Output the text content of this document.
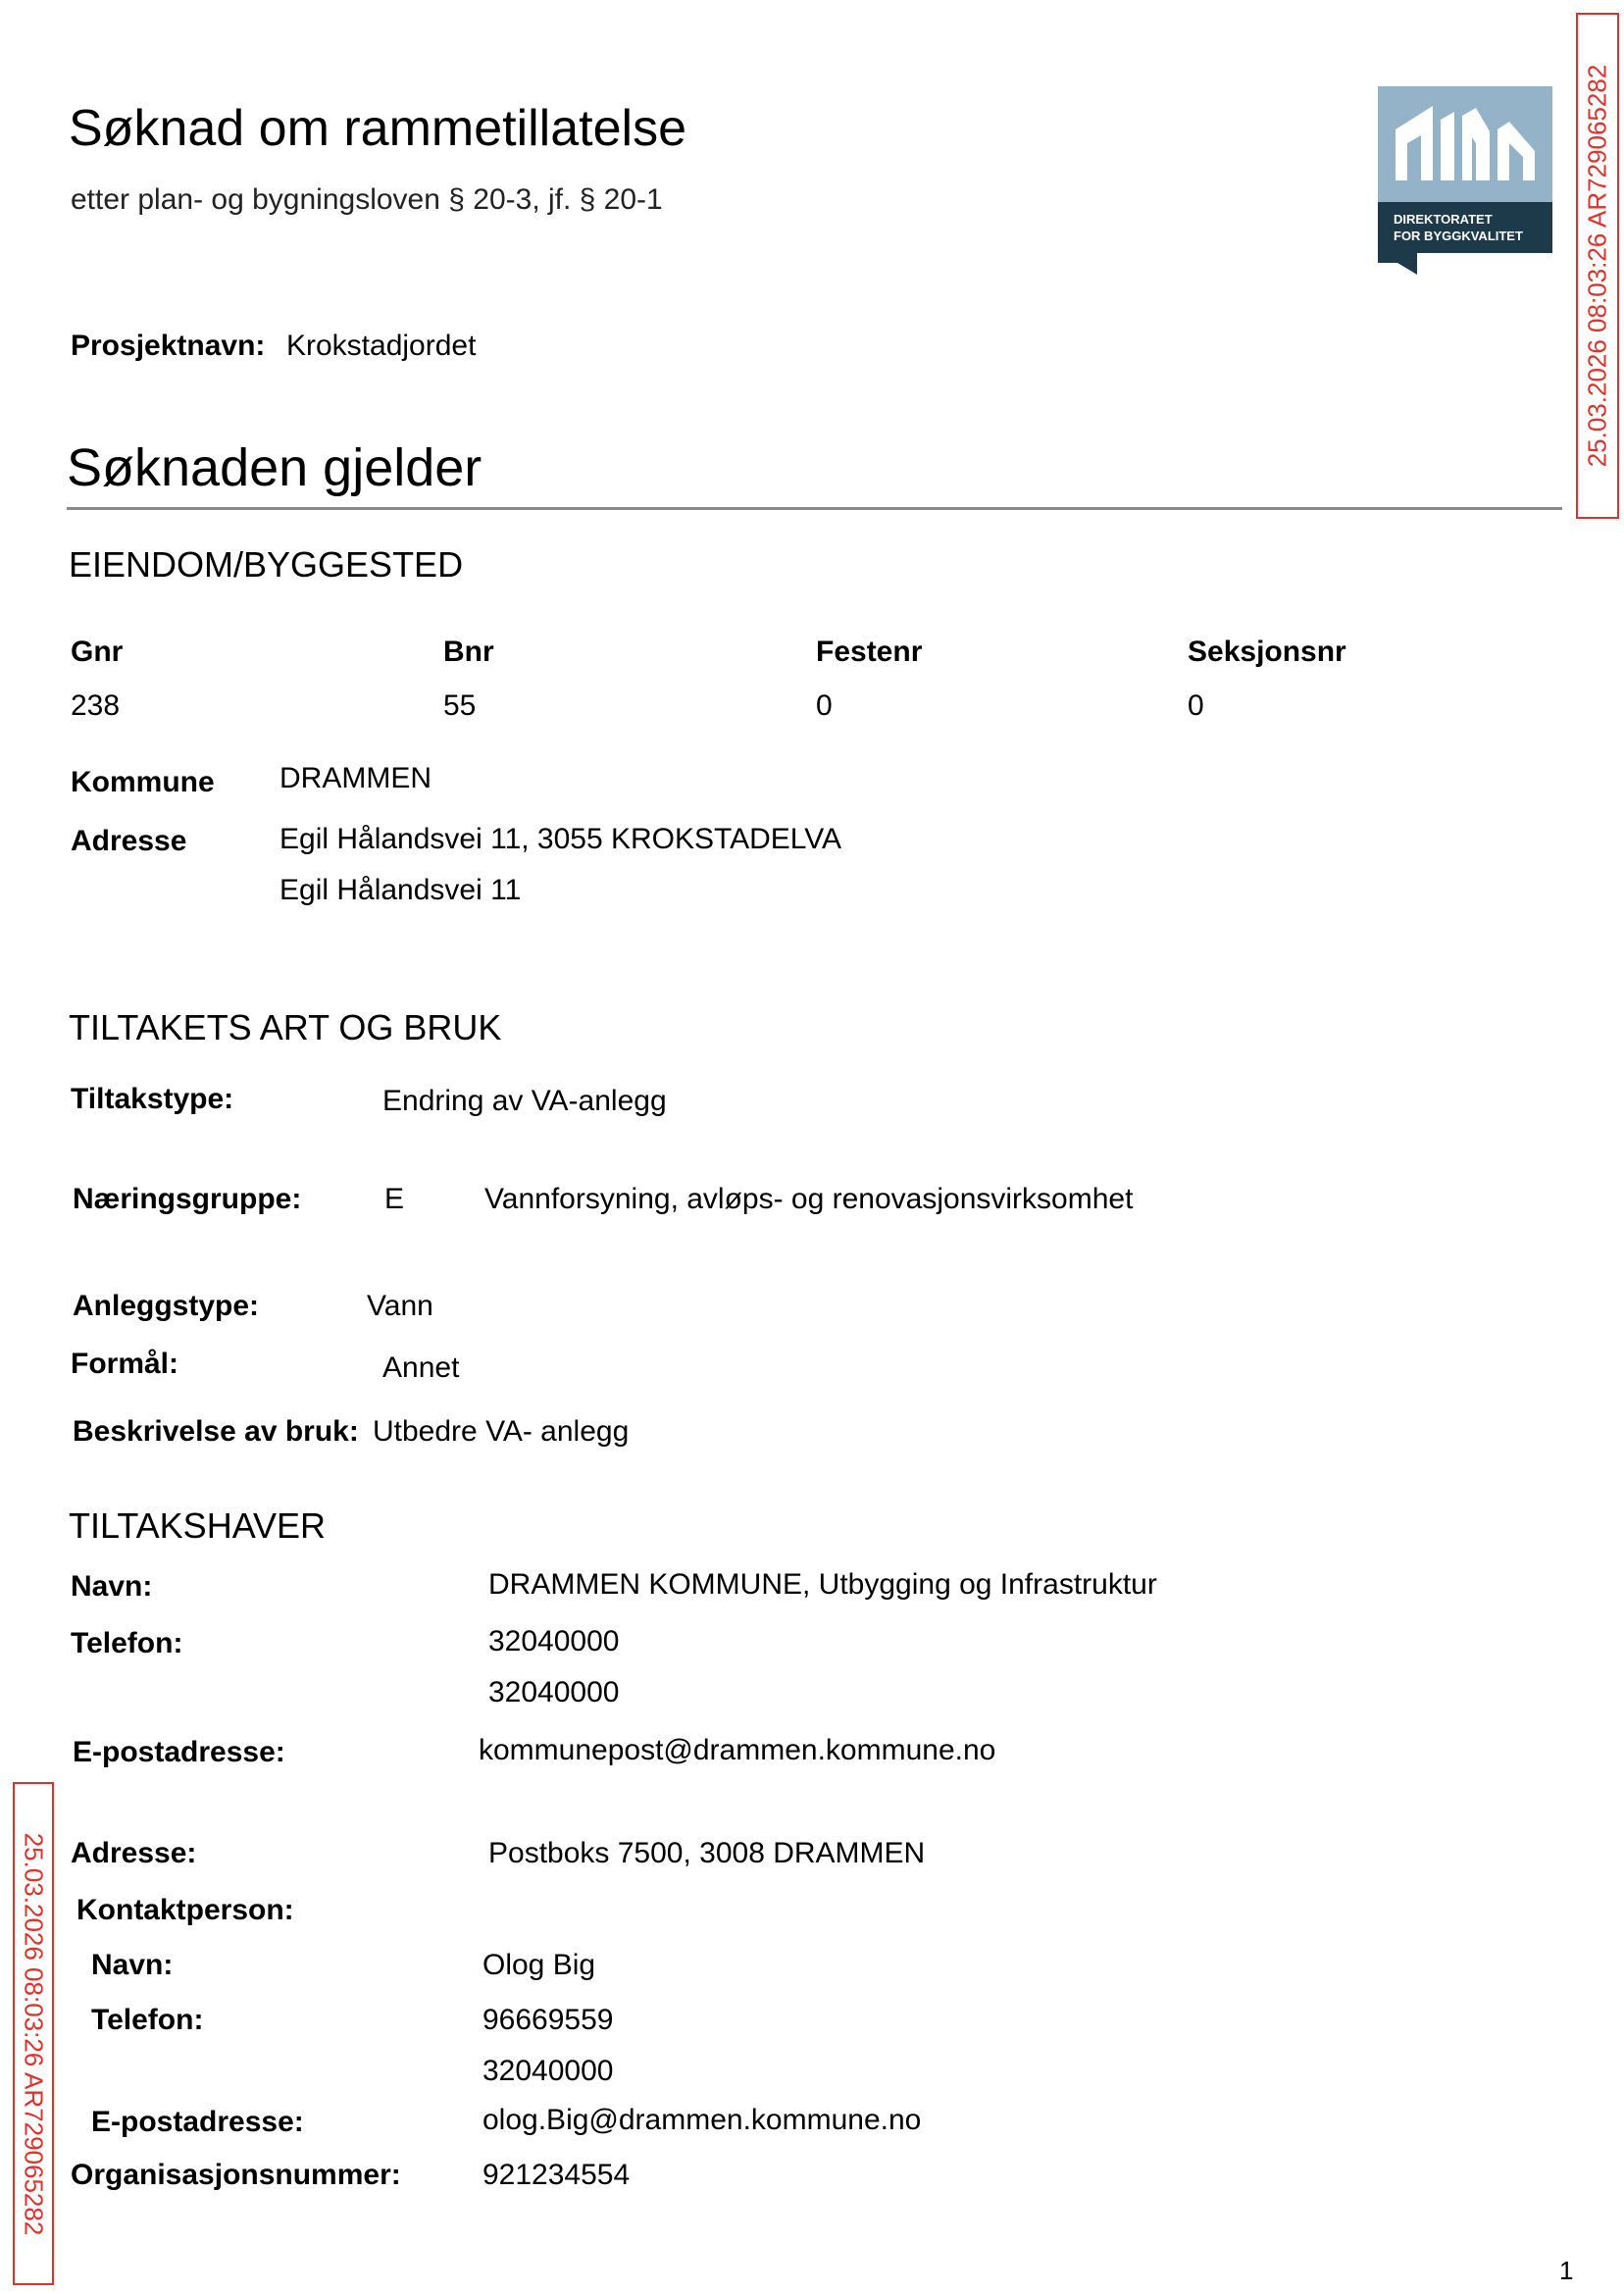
25.03.2026 08:03:26 AR729065282
25.03.2026 08:03:26 AR729065282
DIREKTORATET
FOR BYGGKVALITET
Søknad om rammetillatelse
etter plan- og bygningsloven § 20-3, jf. § 20-1
Prosjektnavn: Krokstadjordet
Søknaden gjelder
EIENDOM/BYGGESTED
Gnr	Bnr	Festenr	Seksjonsnr
238	55	0	0
Kommune DRAMMEN
Adresse	Egil Hålandsvei 11, 3055 KROKSTADELVA
Egil Hålandsvei 11
TILTAKETS ART OG BRUK
Tiltakstype:	Endring av VA-anlegg
Næringsgruppe:	E	Vannforsyning, avløps- og renovasjonsvirksomhet
Anleggstype:	Vann
Formål:	Annet
Beskrivelse av bruk: Utbedre VA- anlegg
TILTAKSHAVER
Navn:	DRAMMEN KOMMUNE, Utbygging og Infrastruktur
Telefon:	32040000
32040000
E-postadresse:	kommunepost@drammen.kommune.no
Adresse:	Postboks 7500, 3008 DRAMMEN
Kontaktperson:
Navn:	Olog Big
Telefon:	96669559
32040000
E-postadresse:	olog.Big@drammen.kommune.no
Organisasjonsnummer:	921234554
1
